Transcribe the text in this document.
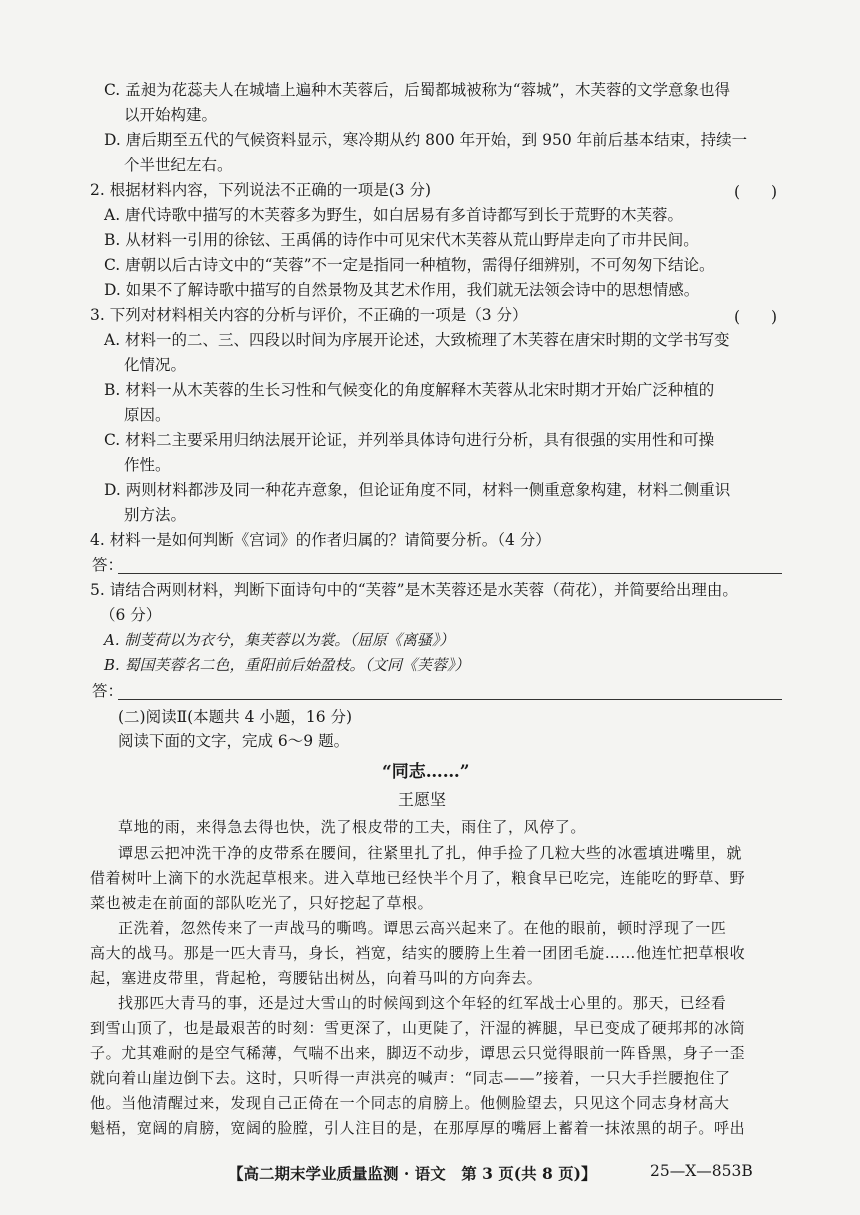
C. 孟昶为花蕊夫人在城墙上遍种木芙蓉后，后蜀都城被称为“蓉城”，木芙蓉的文学意象也得
以开始构建。
D. 唐后期至五代的气候资料显示，寒冷期从约 800 年开始，到 950 年前后基本结束，持续一
个半世纪左右。
2. 根据材料内容，下列说法不正确的一项是(3 分)	(　　)
A. 唐代诗歌中描写的木芙蓉多为野生，如白居易有多首诗都写到长于荒野的木芙蓉。
B. 从材料一引用的徐铉、王禹偁的诗作中可见宋代木芙蓉从荒山野岸走向了市井民间。
C. 唐朝以后古诗文中的“芙蓉”不一定是指同一种植物，需得仔细辨别，不可匆匆下结论。
D. 如果不了解诗歌中描写的自然景物及其艺术作用，我们就无法领会诗中的思想情感。
3. 下列对材料相关内容的分析与评价，不正确的一项是（3 分）	(　　)
A. 材料一的二、三、四段以时间为序展开论述，大致梳理了木芙蓉在唐宋时期的文学书写变
化情况。
B. 材料一从木芙蓉的生长习性和气候变化的角度解释木芙蓉从北宋时期才开始广泛种植的
原因。
C. 材料二主要采用归纳法展开论证，并列举具体诗句进行分析，具有很强的实用性和可操
作性。
D. 两则材料都涉及同一种花卉意象，但论证角度不同，材料一侧重意象构建，材料二侧重识
别方法。
4. 材料一是如何判断《宫词》的作者归属的？请简要分析。（4 分）
答：
5. 请结合两则材料，判断下面诗句中的“芙蓉”是木芙蓉还是水芙蓉（荷花），并简要给出理由。
（6 分）
A. 制芰荷以为衣兮，集芙蓉以为裳。（屈原《离骚》）
B. 蜀国芙蓉名二色，重阳前后始盈枝。（文同《芙蓉》）
答：
(二)阅读Ⅱ(本题共 4 小题，16 分)
阅读下面的文字，完成 6～9 题。
“同志……”
王愿坚
草地的雨，来得急去得也快，洗了根皮带的工夫，雨住了，风停了。
谭思云把冲洗干净的皮带系在腰间，往紧里扎了扎，伸手捡了几粒大些的冰雹填进嘴里，就
借着树叶上滴下的水洗起草根来。进入草地已经快半个月了，粮食早已吃完，连能吃的野草、野
菜也被走在前面的部队吃光了，只好挖起了草根。
正洗着，忽然传来了一声战马的嘶鸣。谭思云高兴起来了。在他的眼前，顿时浮现了一匹
高大的战马。那是一匹大青马，身长，裆宽，结实的腰胯上生着一团团毛旋……他连忙把草根收
起，塞进皮带里，背起枪，弯腰钻出树丛，向着马叫的方向奔去。
找那匹大青马的事，还是过大雪山的时候闯到这个年轻的红军战士心里的。那天，已经看
到雪山顶了，也是最艰苦的时刻：雪更深了，山更陡了，汗湿的裤腿，早已变成了硬邦邦的冰筒
子。尤其难耐的是空气稀薄，气喘不出来，脚迈不动步，谭思云只觉得眼前一阵昏黑，身子一歪
就向着山崖边倒下去。这时，只听得一声洪亮的喊声：“同志——”接着，一只大手拦腰抱住了
他。当他清醒过来，发现自己正倚在一个同志的肩膀上。他侧脸望去，只见这个同志身材高大
魁梧，宽阔的肩膀，宽阔的脸膛，引人注目的是，在那厚厚的嘴唇上蓄着一抹浓黑的胡子。呼出
【高二期末学业质量监测 · 语文　第 3 页(共 8 页)】	25—X—853B
